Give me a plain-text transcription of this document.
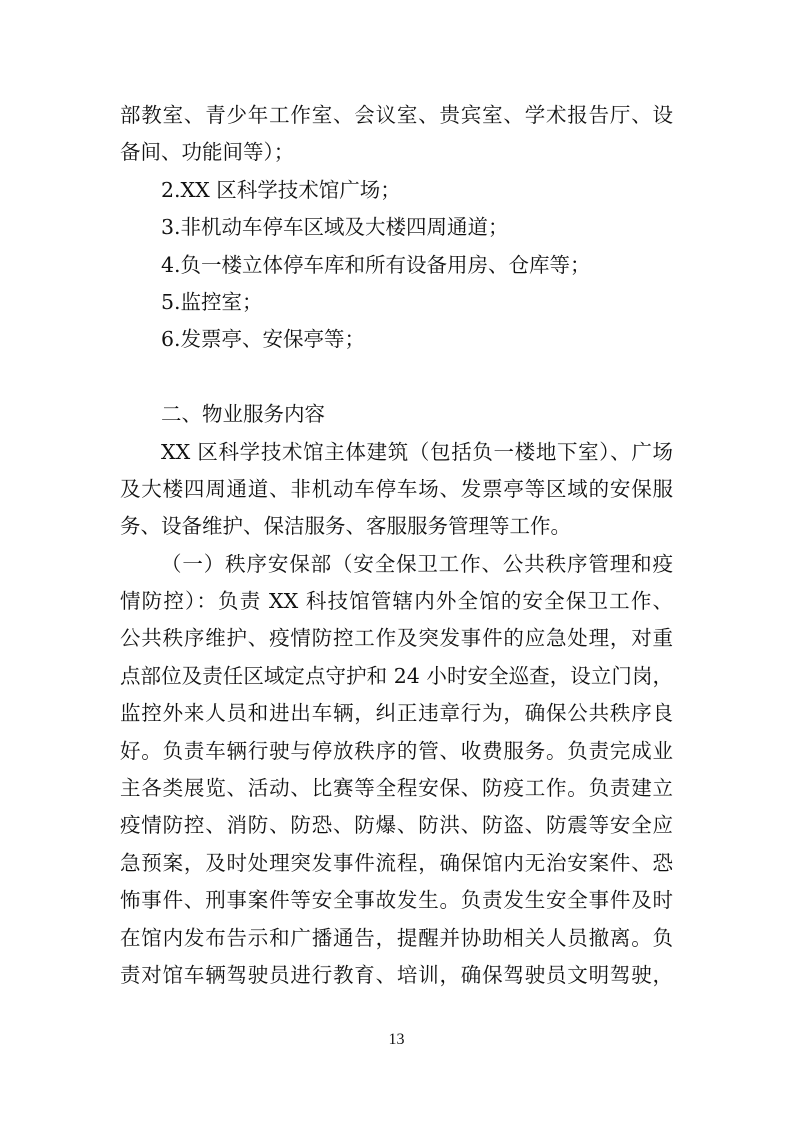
部教室、青少年工作室、会议室、贵宾室、学术报告厅、设
备间、功能间等）；
2.XX 区科学技术馆广场；
3.非机动车停车区域及大楼四周通道；
4.负一楼立体停车库和所有设备用房、仓库等；
5.监控室；
6.发票亭、安保亭等；
二、物业服务内容
XX 区科学技术馆主体建筑（包括负一楼地下室）、广场
及大楼四周通道、非机动车停车场、发票亭等区域的安保服
务、设备维护、保洁服务、客服服务管理等工作。
（一）秩序安保部（安全保卫工作、公共秩序管理和疫
情防控）：负责 XX 科技馆管辖内外全馆的安全保卫工作、
公共秩序维护、疫情防控工作及突发事件的应急处理，对重
点部位及责任区域定点守护和 24 小时安全巡查，设立门岗，
监控外来人员和进出车辆，纠正违章行为，确保公共秩序良
好。负责车辆行驶与停放秩序的管、收费服务。负责完成业
主各类展览、活动、比赛等全程安保、防疫工作。负责建立
疫情防控、消防、防恐、防爆、防洪、防盗、防震等安全应
急预案，及时处理突发事件流程，确保馆内无治安案件、恐
怖事件、刑事案件等安全事故发生。负责发生安全事件及时
在馆内发布告示和广播通告，提醒并协助相关人员撤离。负
责对馆车辆驾驶员进行教育、培训，确保驾驶员文明驾驶，
13
